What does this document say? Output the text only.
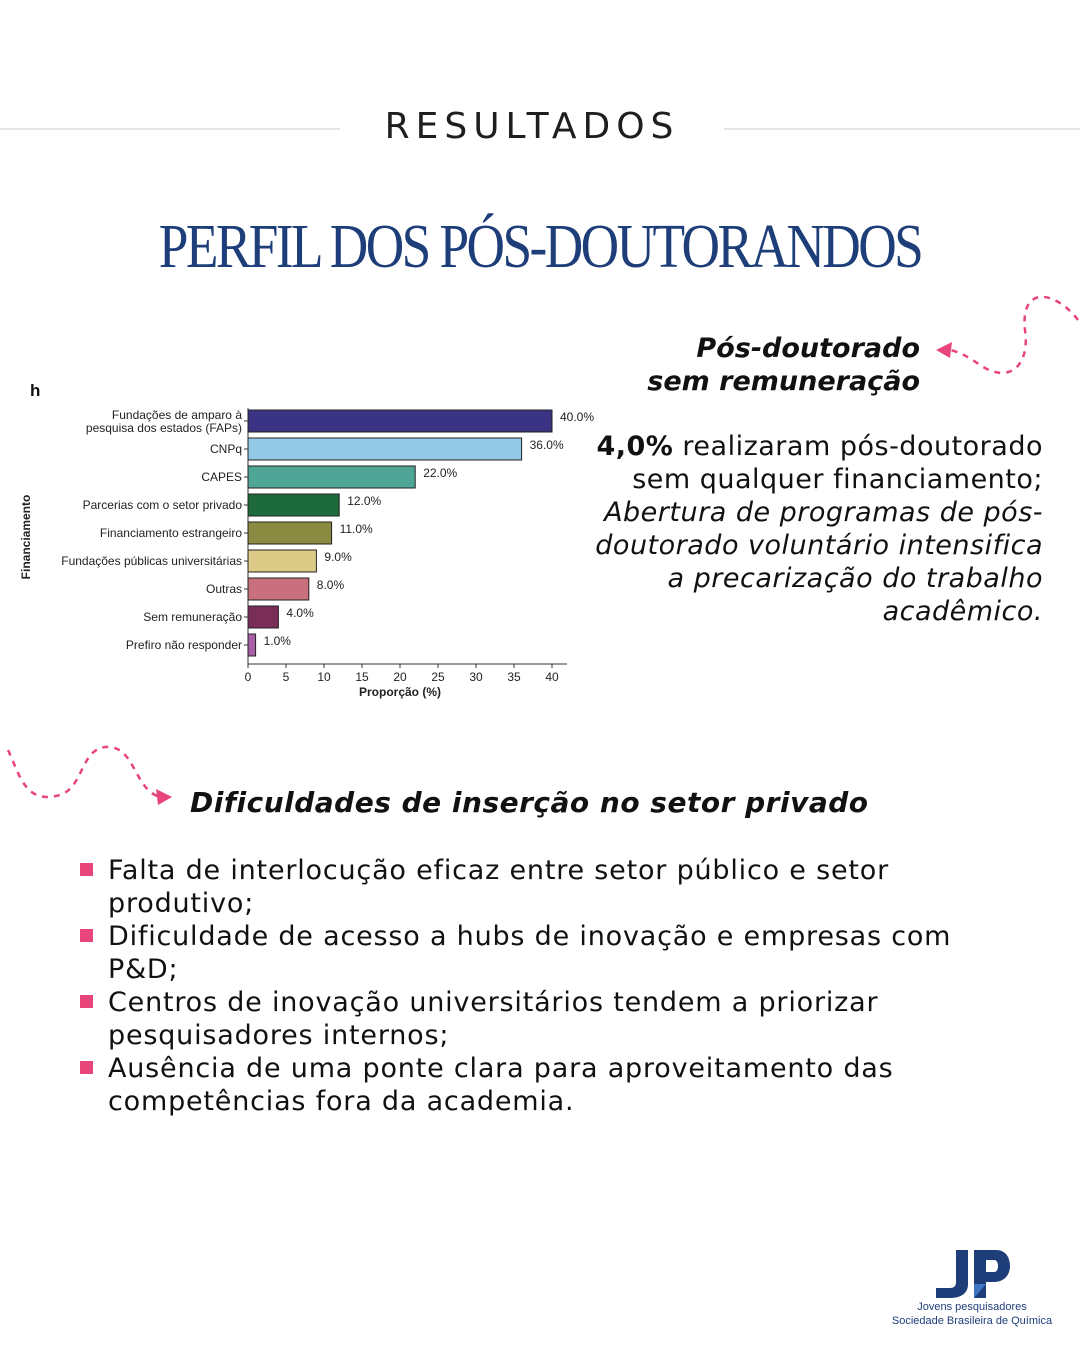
RESULTADOS
PERFIL DOS PÓS-DOUTORANDOS
h
Fundações de amparo à
pesquisa dos estados (FAPs)
40.0%
CNPq	36.0%
CAPES	22.0%
Parcerias com o setor privado	12.0%
Financiamento estrangeiro	11.0%
Fundações públicas universitárias	9.0%
Outras	8.0%
Sem remuneração	4.0%
Prefiro não responder 1.0%
0	5 10 15 20 25 30 35 40
Proporção (%)
Financiamento
Pós-doutorado
sem remuneração
4,0% realizaram pós-doutorado sem qualquer financiamento;
Abertura de programas de pós-doutorado voluntário intensifica a precarização do trabalho acadêmico.
Dificuldades de inserção no setor privado
Falta de interlocução eficaz entre setor público e setor produtivo;
Dificuldade de acesso a hubs de inovação e empresas com P&D;
Centros de inovação universitários tendem a priorizar pesquisadores internos;
Ausência de uma ponte clara para aproveitamento das competências fora da academia.
Jovens pesquisadores
Sociedade Brasileira de Química
